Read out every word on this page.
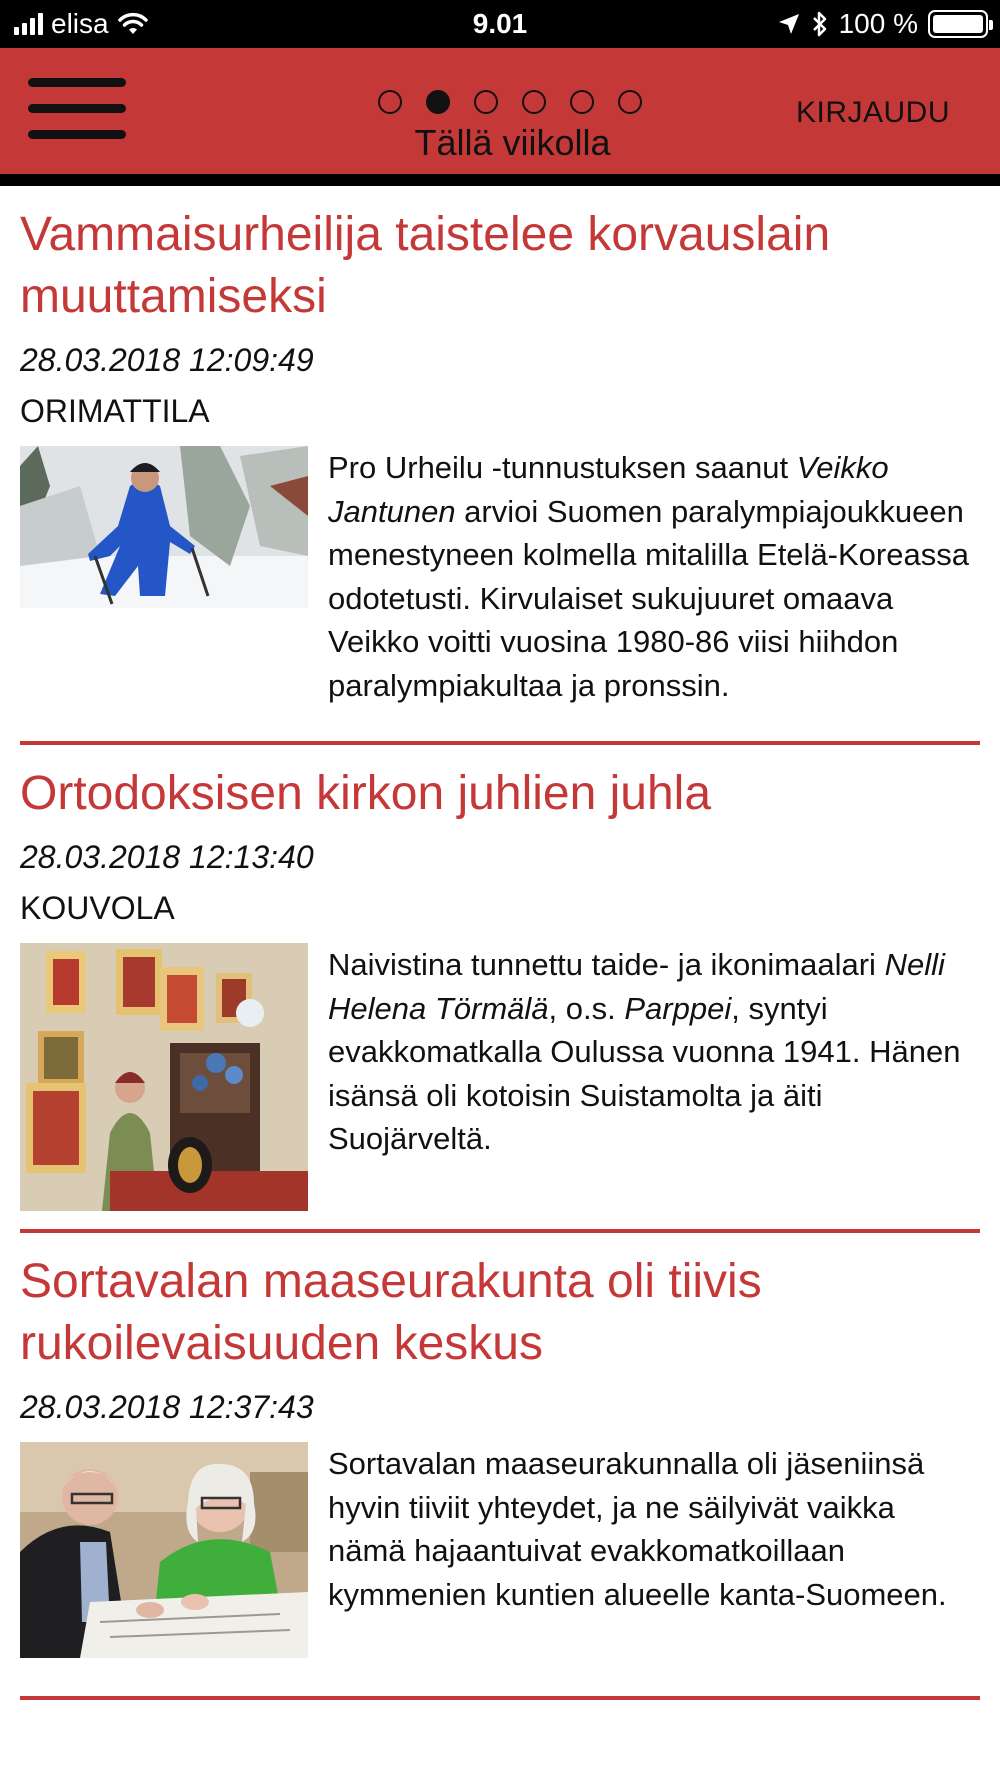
elisa	9.01	100 %
Tällä viikolla
KIRJAUDU
Vammaisurheilija taistelee korvauslain muuttamiseksi
28.03.2018 12:09:49
ORIMATTILA

Pro Urheilu -tunnustuksen saanut Veikko Jantunen arvioi Suomen paralympiajoukkueen menestyneen kolmella mitalilla Etelä-Koreassa odotetusti. Kirvulaiset sukujuuret omaava Veikko voitti vuosina 1980-86 viisi hiihdon paralympiakultaa ja pronssin.

Ortodoksisen kirkon juhlien juhla
28.03.2018 12:13:40
KOUVOLA

Naivistina tunnettu taide- ja ikonimaalari Nelli Helena Törmälä, o.s. Parppei, syntyi evakkomatkalla Oulussa vuonna 1941. Hänen isänsä oli kotoisin Suistamolta ja äiti Suojärveltä.

Sortavalan maaseurakunta oli tiivis rukoilevaisuuden keskus
28.03.2018 12:37:43

Sortavalan maaseurakunnalla oli jäseniinsä hyvin tiiviit yhteydet, ja ne säilyivät vaikka nämä hajaantuivat evakkomatkoillaan kymmenien kuntien alueelle kanta-Suomeen.
